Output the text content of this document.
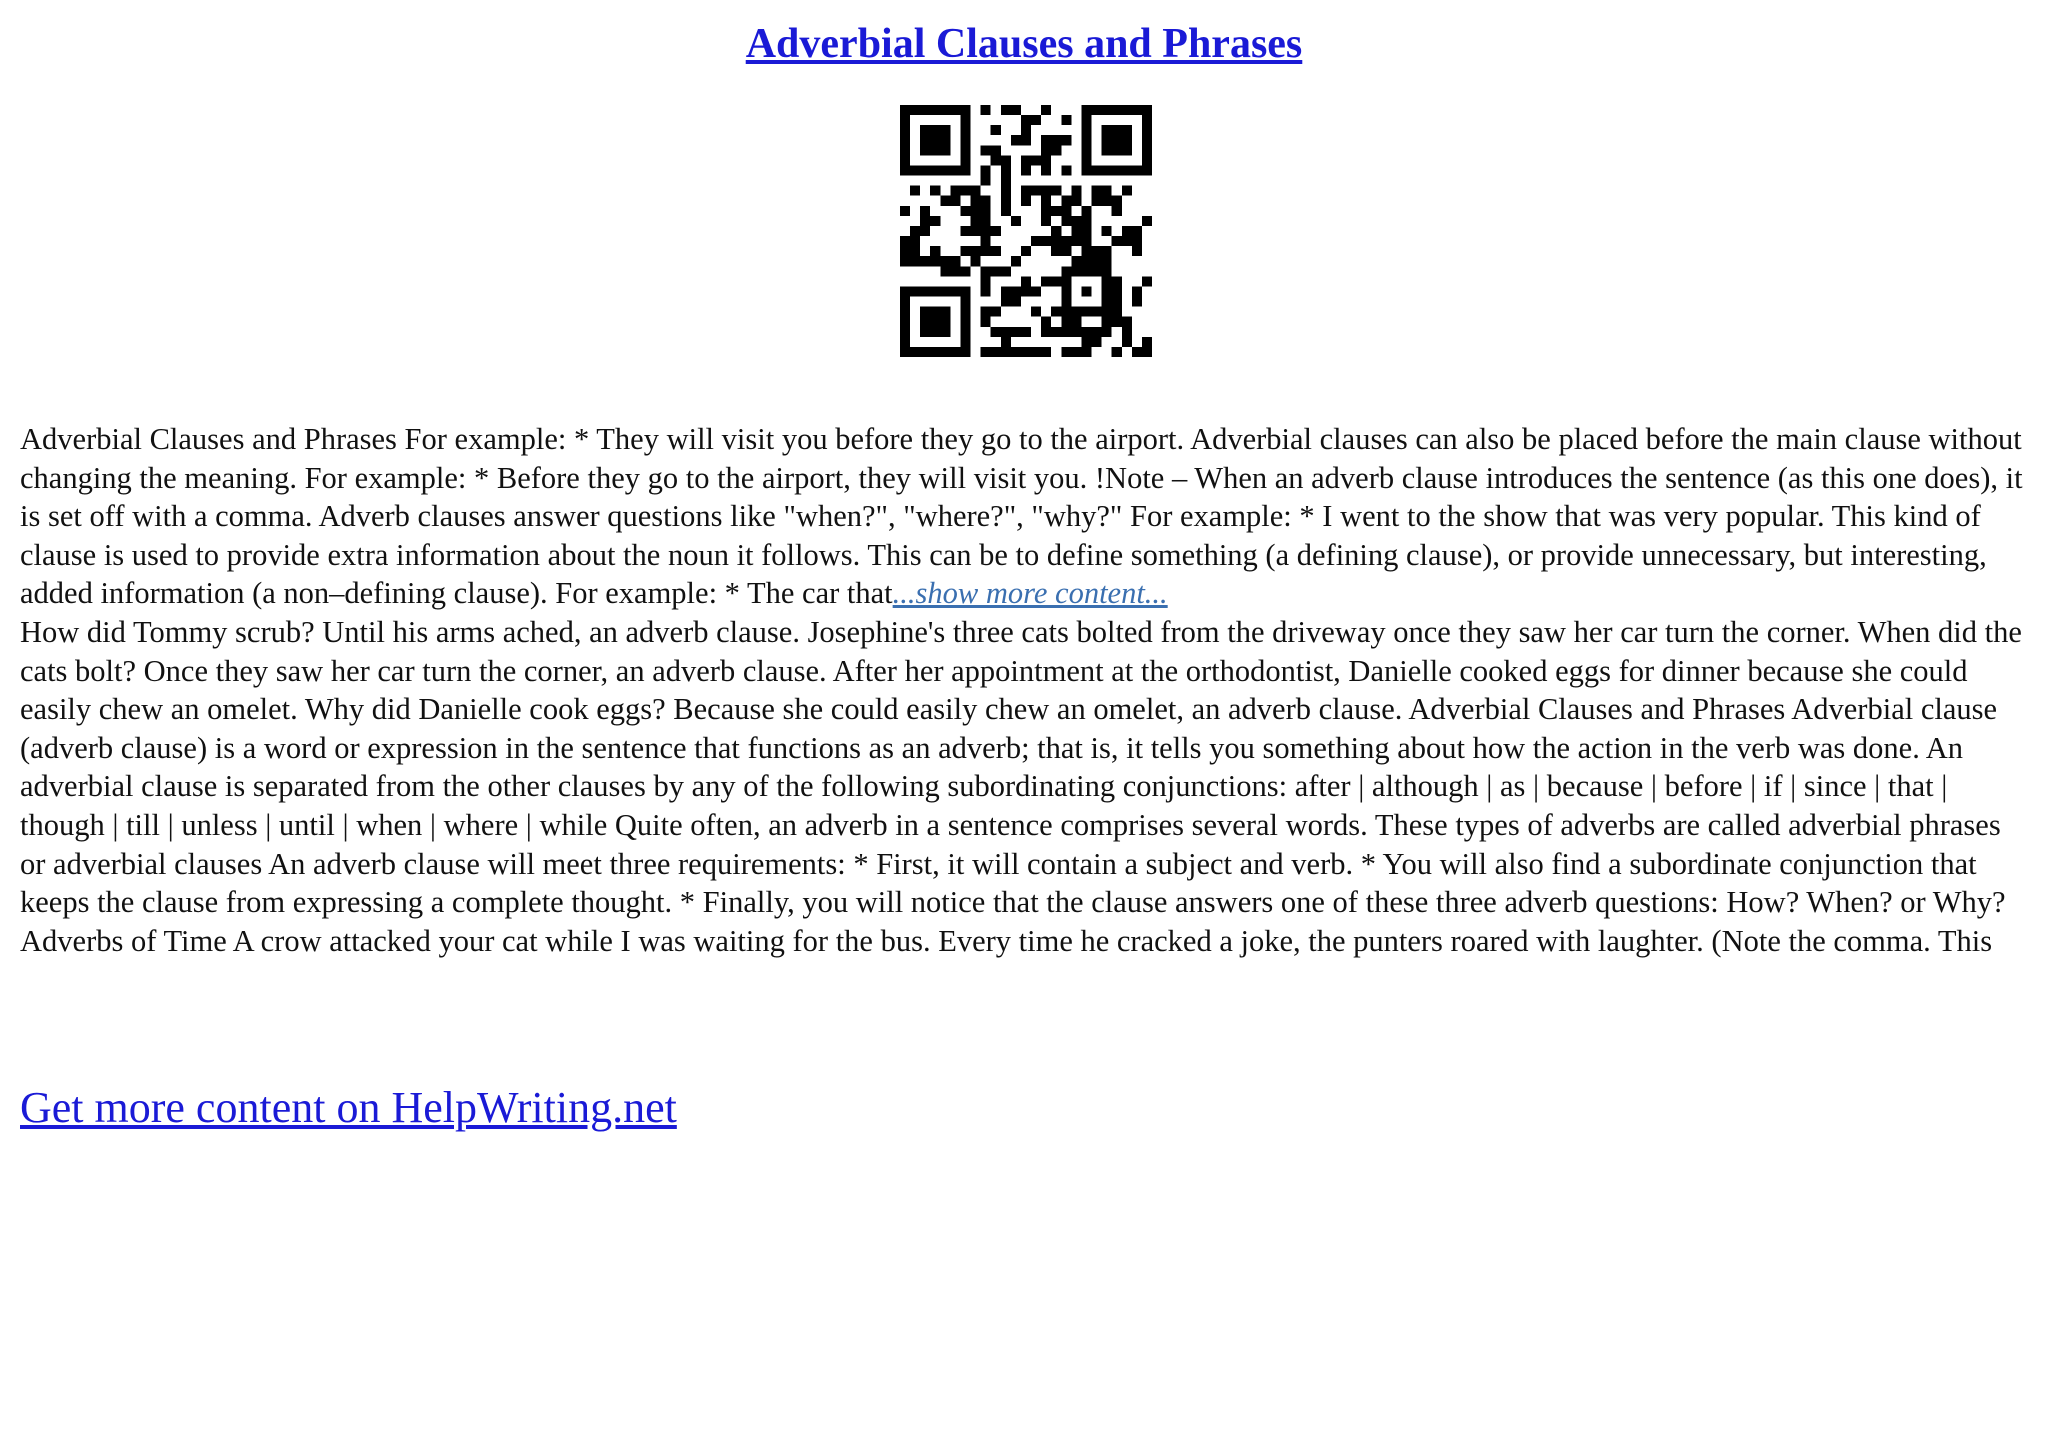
Adverbial Clauses and Phrases

Adverbial Clauses and Phrases For example: * They will visit you before they go to the airport. Adverbial clauses can also be placed before the main clause without changing the meaning. For example: * Before they go to the airport, they will visit you. !Note – When an adverb clause introduces the sentence (as this one does), it is set off with a comma. Adverb clauses answer questions like "when?", "where?", "why?" For example: * I went to the show that was very popular. This kind of clause is used to provide extra information about the noun it follows. This can be to define something (a defining clause), or provide unnecessary, but interesting, added information (a non–defining clause). For example: * The car that...show more content...
How did Tommy scrub? Until his arms ached, an adverb clause. Josephine's three cats bolted from the driveway once they saw her car turn the corner. When did the cats bolt? Once they saw her car turn the corner, an adverb clause. After her appointment at the orthodontist, Danielle cooked eggs for dinner because she could easily chew an omelet. Why did Danielle cook eggs? Because she could easily chew an omelet, an adverb clause. Adverbial Clauses and Phrases Adverbial clause (adverb clause) is a word or expression in the sentence that functions as an adverb; that is, it tells you something about how the action in the verb was done. An adverbial clause is separated from the other clauses by any of the following subordinating conjunctions: after | although | as | because | before | if | since | that | though | till | unless | until | when | where | while Quite often, an adverb in a sentence comprises several words. These types of adverbs are called adverbial phrases or adverbial clauses An adverb clause will meet three requirements: * First, it will contain a subject and verb. * You will also find a subordinate conjunction that keeps the clause from expressing a complete thought. * Finally, you will notice that the clause answers one of these three adverb questions: How? When? or Why? Adverbs of Time A crow attacked your cat while I was waiting for the bus. Every time he cracked a joke, the punters roared with laughter. (Note the comma. This

Get more content on HelpWriting.net
